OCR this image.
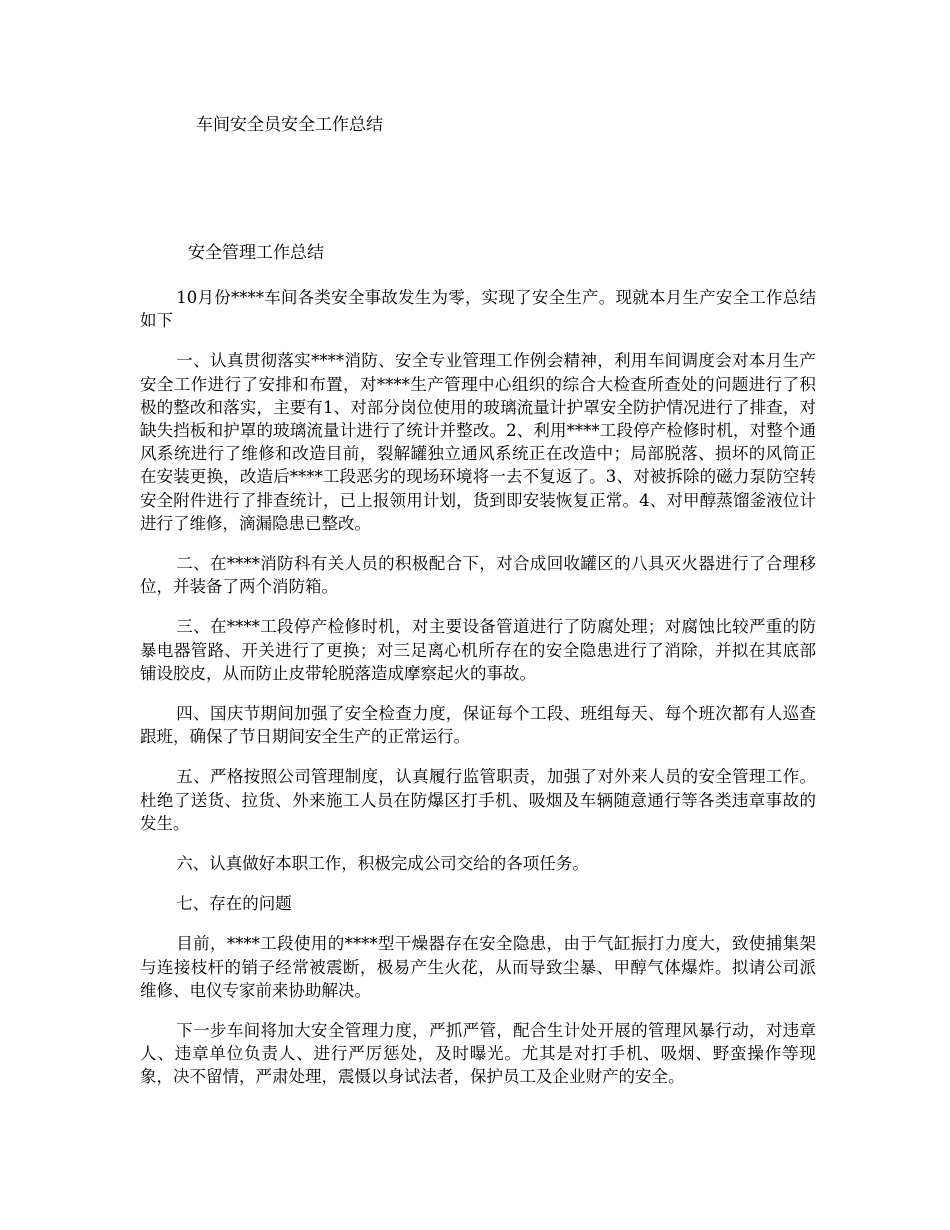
车间安全员安全工作总结
安全管理工作总结

10月份****车间各类安全事故发生为零，实现了安全生产。现就本月生产安全工作总结如下

一、认真贯彻落实****消防、安全专业管理工作例会精神，利用车间调度会对本月生产安全工作进行了安排和布置，对****生产管理中心组织的综合大检查所查处的问题进行了积极的整改和落实，主要有1、对部分岗位使用的玻璃流量计护罩安全防护情况进行了排查，对缺失挡板和护罩的玻璃流量计进行了统计并整改。2、利用****工段停产检修时机，对整个通风系统进行了维修和改造目前，裂解罐独立通风系统正在改造中；局部脱落、损坏的风筒正在安装更换，改造后****工段恶劣的现场环境将一去不复返了。3、对被拆除的磁力泵防空转安全附件进行了排查统计，已上报领用计划，货到即安装恢复正常。4、对甲醇蒸馏釜液位计进行了维修，滴漏隐患已整改。

二、在****消防科有关人员的积极配合下，对合成回收罐区的八具灭火器进行了合理移位，并装备了两个消防箱。

三、在****工段停产检修时机，对主要设备管道进行了防腐处理；对腐蚀比较严重的防暴电器管路、开关进行了更换；对三足离心机所存在的安全隐患进行了消除，并拟在其底部铺设胶皮，从而防止皮带轮脱落造成摩察起火的事故。

四、国庆节期间加强了安全检查力度，保证每个工段、班组每天、每个班次都有人巡查跟班，确保了节日期间安全生产的正常运行。

五、严格按照公司管理制度，认真履行监管职责，加强了对外来人员的安全管理工作。杜绝了送货、拉货、外来施工人员在防爆区打手机、吸烟及车辆随意通行等各类违章事故的发生。

六、认真做好本职工作，积极完成公司交给的各项任务。

七、存在的问题

目前，****工段使用的****型干燥器存在安全隐患，由于气缸振打力度大，致使捕集架与连接枝杆的销子经常被震断，极易产生火花，从而导致尘暴、甲醇气体爆炸。拟请公司派维修、电仪专家前来协助解决。

下一步车间将加大安全管理力度，严抓严管，配合生计处开展的管理风暴行动，对违章人、违章单位负责人、进行严厉惩处，及时曝光。尤其是对打手机、吸烟、野蛮操作等现象，决不留情，严肃处理，震慑以身试法者，保护员工及企业财产的安全。
